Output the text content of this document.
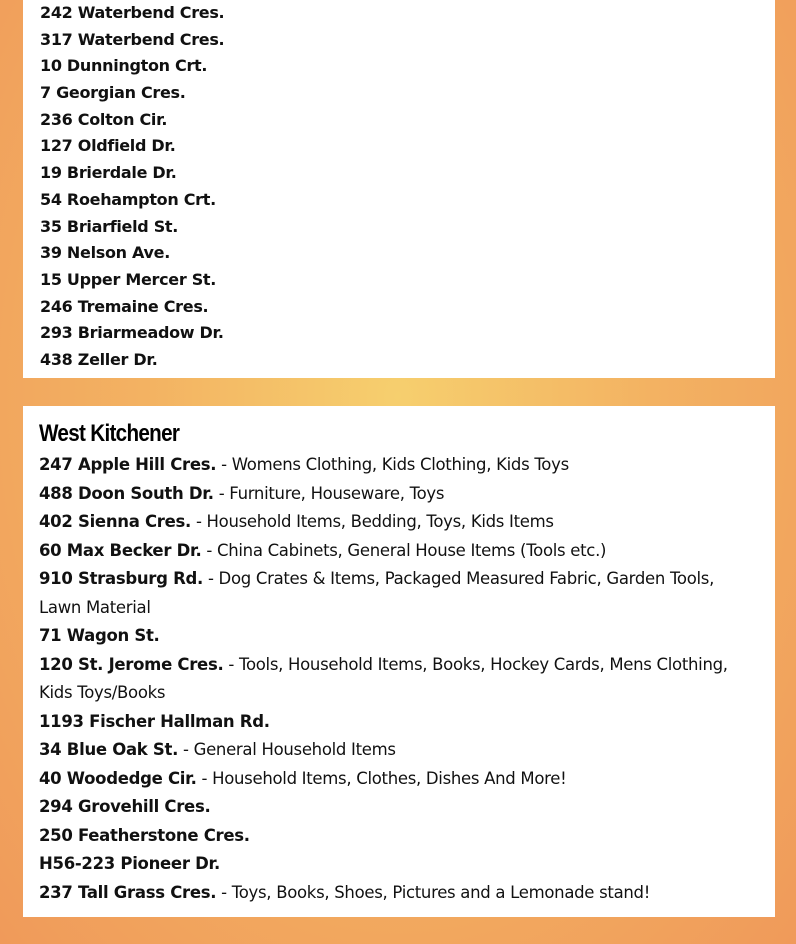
242 Waterbend Cres.
317 Waterbend Cres.
10 Dunnington Crt.
7 Georgian Cres.
236 Colton Cir.
127 Oldfield Dr.
19 Brierdale Dr.
54 Roehampton Crt.
35 Briarfield St.
39 Nelson Ave.
15 Upper Mercer St.
246 Tremaine Cres.
293 Briarmeadow Dr.
438 Zeller Dr.
West Kitchener
247 Apple Hill Cres. - Womens Clothing, Kids Clothing, Kids Toys
488 Doon South Dr. - Furniture, Houseware, Toys
402 Sienna Cres. - Household Items, Bedding, Toys, Kids Items
60 Max Becker Dr. - China Cabinets, General House Items (Tools etc.)
910 Strasburg Rd. - Dog Crates & Items, Packaged Measured Fabric, Garden Tools, Lawn Material
71 Wagon St.
120 St. Jerome Cres. - Tools, Household Items, Books, Hockey Cards, Mens Clothing, Kids Toys/Books
1193 Fischer Hallman Rd.
34 Blue Oak St. - General Household Items
40 Woodedge Cir. - Household Items, Clothes, Dishes And More!
294 Grovehill Cres.
250 Featherstone Cres.
H56-223 Pioneer Dr.
237 Tall Grass Cres. - Toys, Books, Shoes, Pictures and a Lemonade stand!
